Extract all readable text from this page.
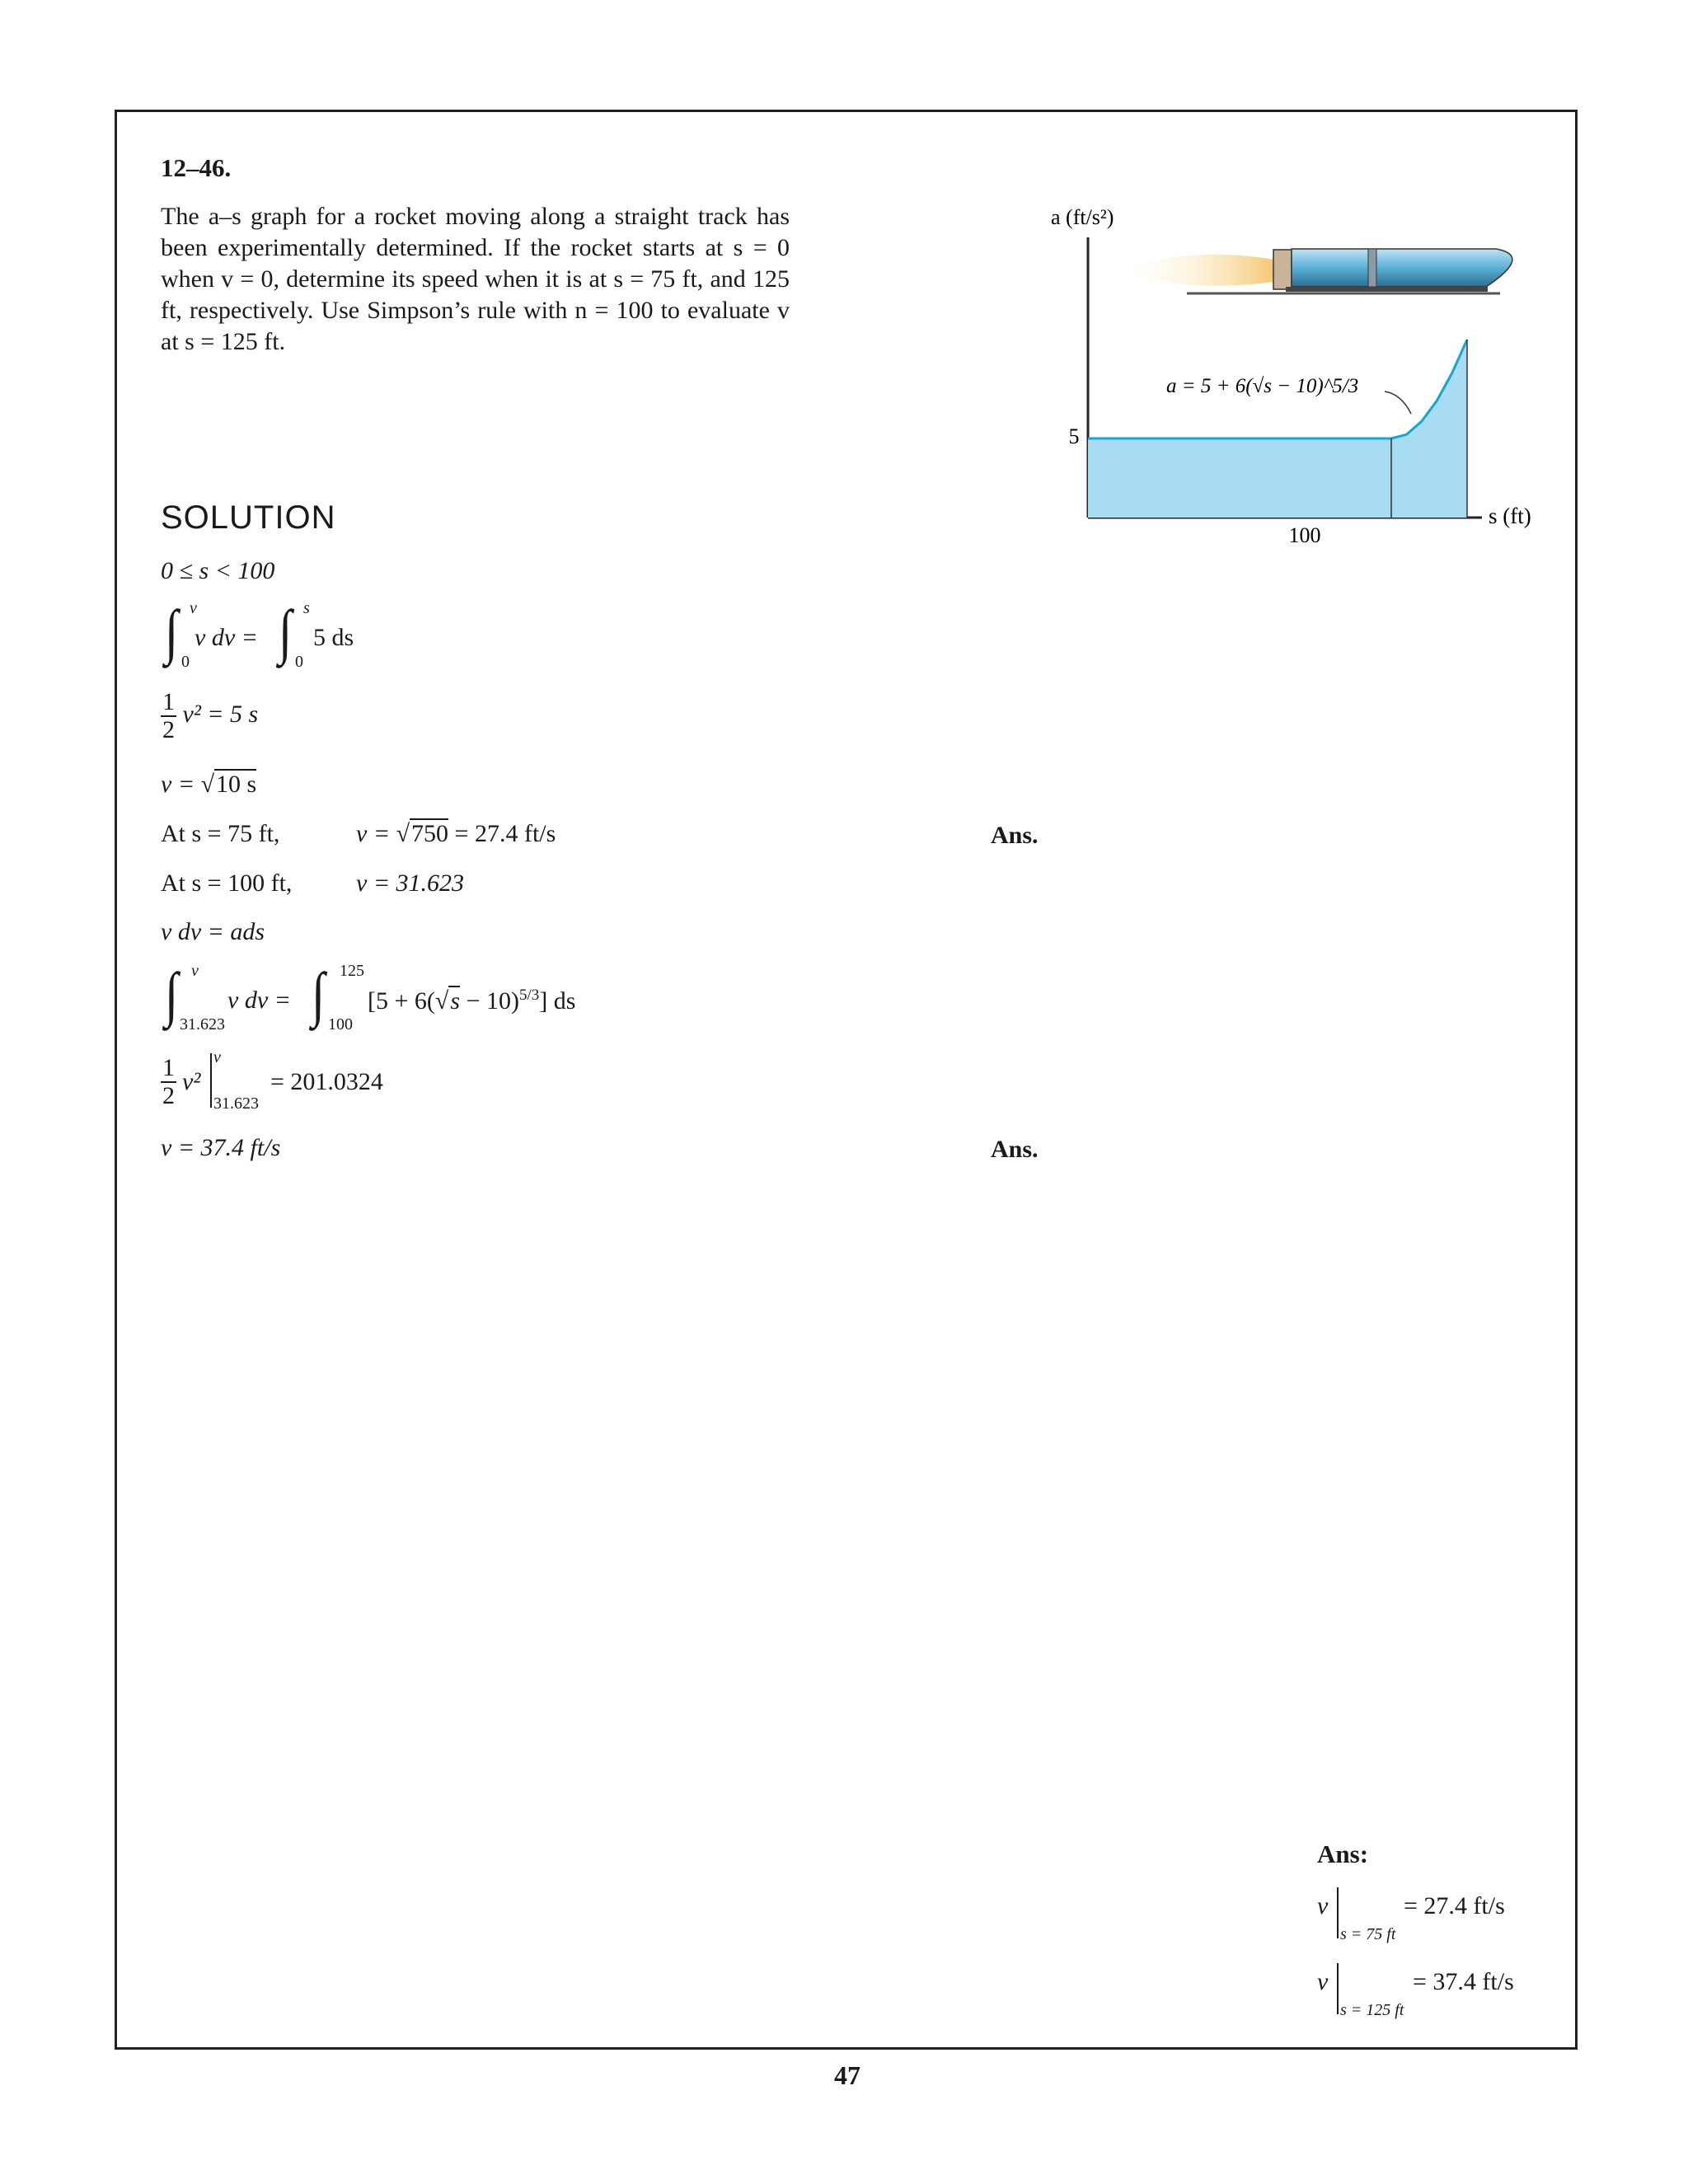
12–46.

The a–s graph for a rocket moving along a straight track has been experimentally determined. If the rocket starts at s = 0 when v = 0, determine its speed when it is at s = 75 ft, and 125 ft, respectively. Use Simpson’s rule with n = 100 to evaluate v at s = 125 ft.

a (ft/s²)
5
100
s (ft)
a = 5 + 6(√s − 10)^5/3
SOLUTION
0 ≤ s < 100
∫ v
0
v dv = ∫ s
0
5 ds
$\frac{1}{2} v^2 = 5$ s
v = √10 s
At s = 75 ft,	v = √750 = 27.4 ft/s	Ans.
At s = 100 ft,	v = 31.623
v dv = ads
∫ v
31.623
v dv = ∫ 125
100
$[5 + 6(√s - 10)^{5/3}]$ ds
$\frac{1}{2} v^2$
v
31.623
= 201.0324
v = 37.4 ft/s	Ans.
Ans:
v
s = 75 ft
= 27.4 ft/s
v
s = 125 ft
= 37.4 ft/s
47
